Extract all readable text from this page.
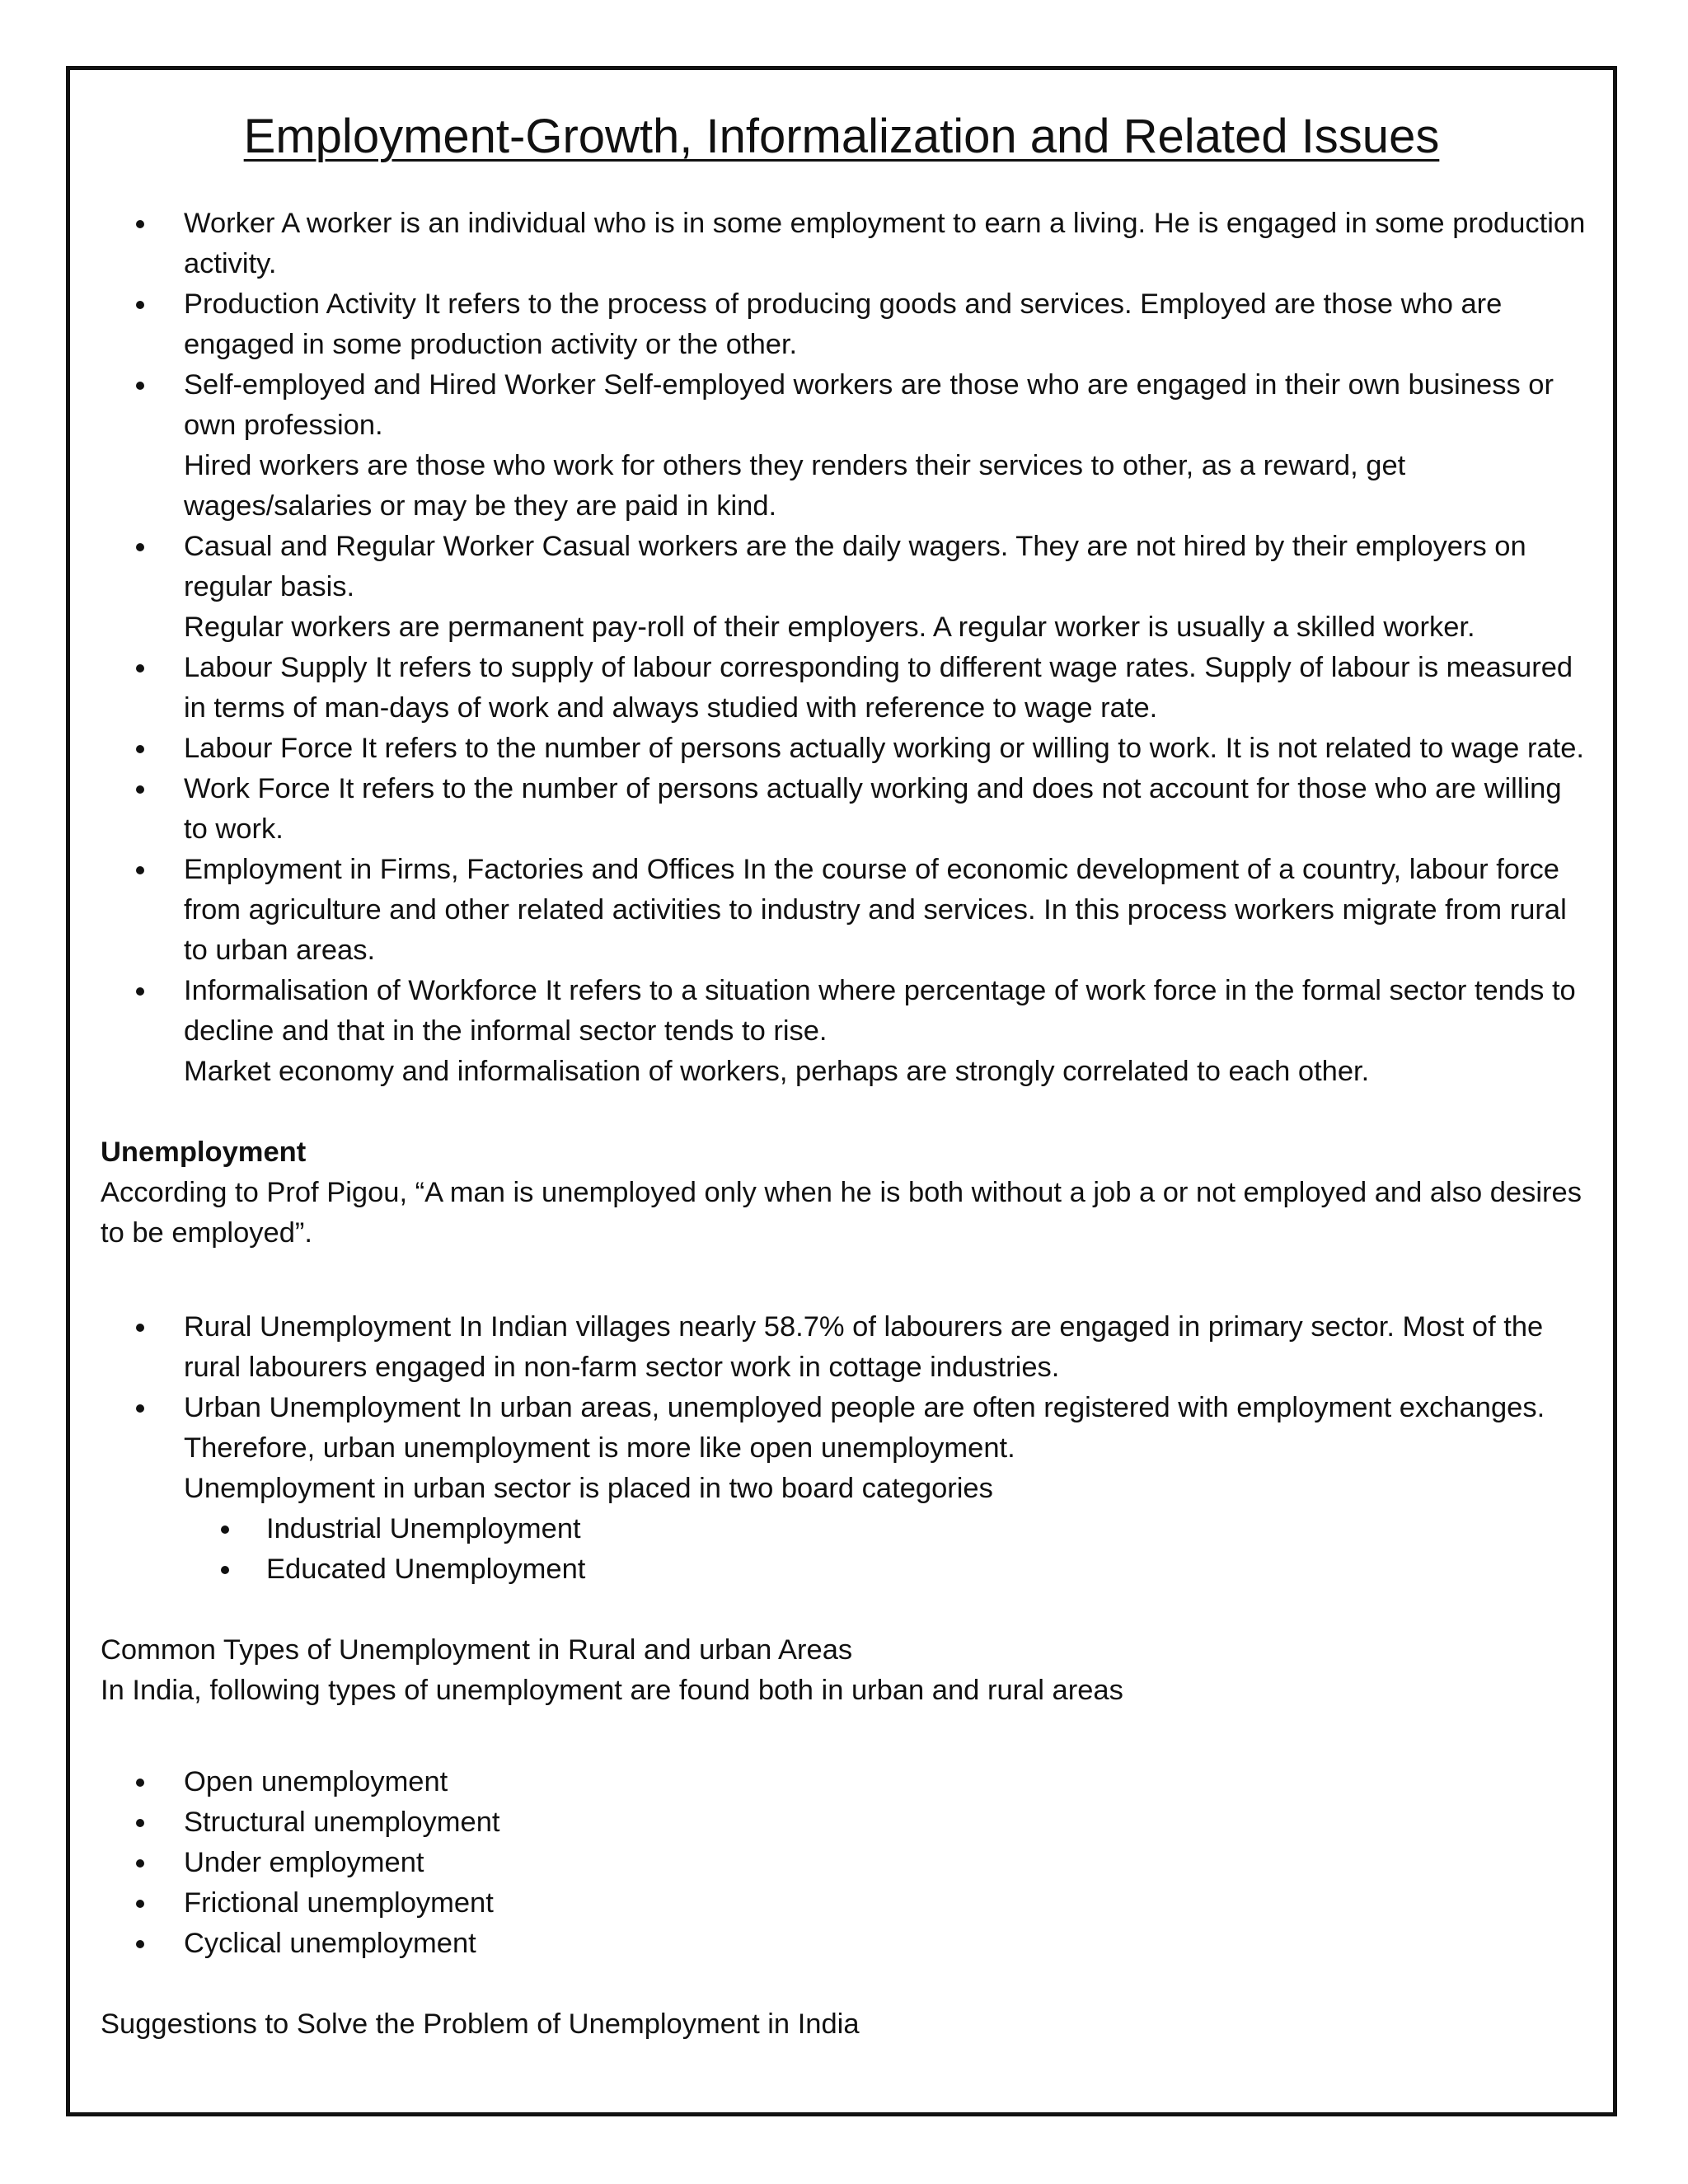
Employment-Growth, Informalization and Related Issues
Worker A worker is an individual who is in some employment to earn a living. He is engaged in some production activity.
Production Activity It refers to the process of producing goods and services. Employed are those who are engaged in some production activity or the other.
Self-employed and Hired Worker Self-employed workers are those who are engaged in their own business or own profession.
Hired workers are those who work for others they renders their services to other, as a reward, get wages/salaries or may be they are paid in kind.
Casual and Regular Worker Casual workers are the daily wagers. They are not hired by their employers on regular basis.
Regular workers are permanent pay-roll of their employers. A regular worker is usually a skilled worker.
Labour Supply It refers to supply of labour corresponding to different wage rates. Supply of labour is measured in terms of man-days of work and always studied with reference to wage rate.
Labour Force It refers to the number of persons actually working or willing to work. It is not related to wage rate.
Work Force It refers to the number of persons actually working and does not account for those who are willing to work.
Employment in Firms, Factories and Offices In the course of economic development of a country, labour force from agriculture and other related activities to industry and services. In this process workers migrate from rural to urban areas.
Informalisation of Workforce It refers to a situation where percentage of work force in the formal sector tends to decline and that in the informal sector tends to rise.
Market economy and informalisation of workers, perhaps are strongly correlated to each other.

Unemployment

According to Prof Pigou, “A man is unemployed only when he is both without a job a or not employed and also desires to be employed”.

Rural Unemployment In Indian villages nearly 58.7% of labourers are engaged in primary sector. Most of the rural labourers engaged in non-farm sector work in cottage industries.
Urban Unemployment In urban areas, unemployed people are often registered with employment exchanges. Therefore, urban unemployment is more like open unemployment.
Unemployment in urban sector is placed in two board categories
Industrial Unemployment
Educated Unemployment

Common Types of Unemployment in Rural and urban Areas

In India, following types of unemployment are found both in urban and rural areas

Open unemployment
Structural unemployment
Under employment
Frictional unemployment
Cyclical unemployment

Suggestions to Solve the Problem of Unemployment in India
